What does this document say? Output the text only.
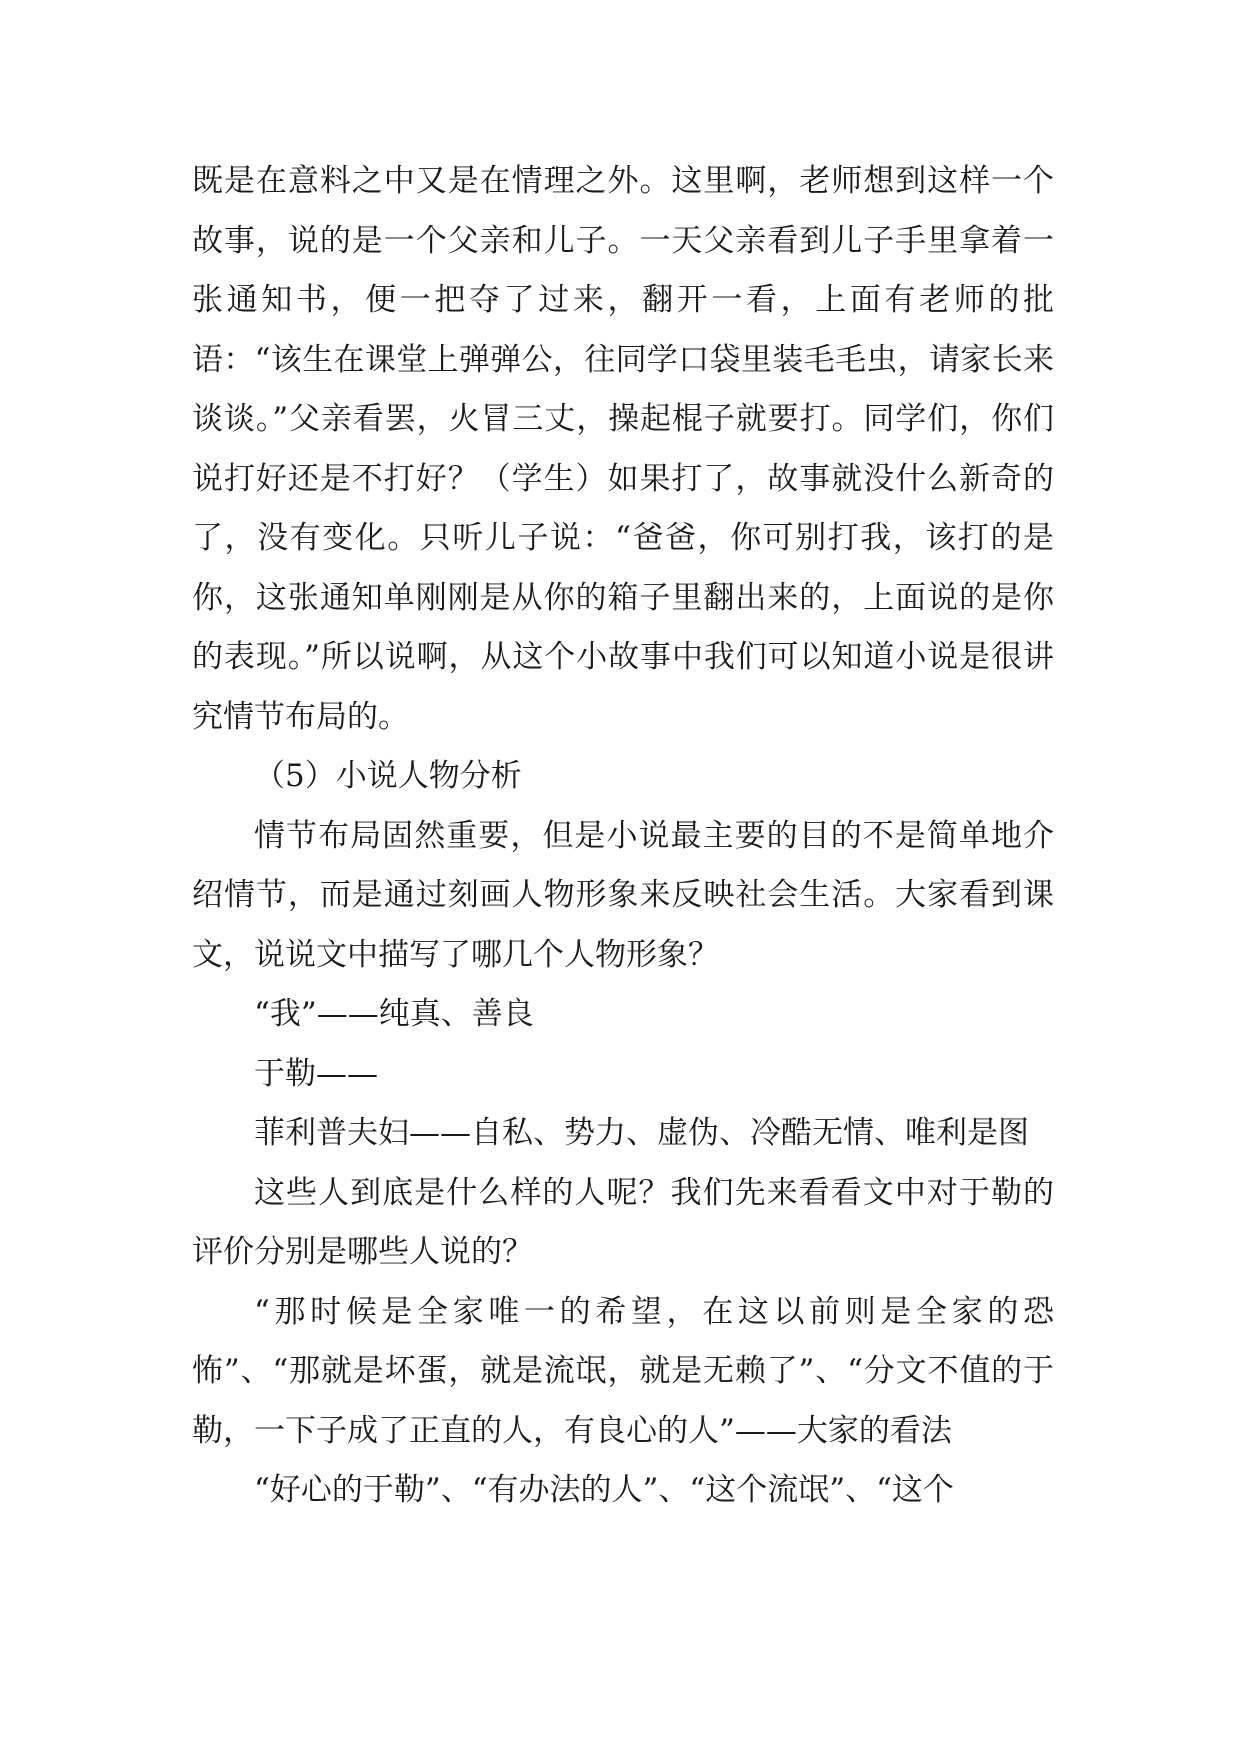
既是在意料之中又是在情理之外。这里啊，老师想到这样一个故事，说的是一个父亲和儿子。一天父亲看到儿子手里拿着一张通知书，便一把夺了过来，翻开一看，上面有老师的批语：“该生在课堂上弹弹公，往同学口袋里装毛毛虫，请家长来谈谈。”父亲看罢，火冒三丈，操起棍子就要打。同学们，你们说打好还是不打好？（学生）如果打了，故事就没什么新奇的了，没有变化。只听儿子说：“爸爸，你可别打我，该打的是你，这张通知单刚刚是从你的箱子里翻出来的，上面说的是你的表现。”所以说啊，从这个小故事中我们可以知道小说是很讲究情节布局的。

（5）小说人物分析

情节布局固然重要，但是小说最主要的目的不是简单地介绍情节，而是通过刻画人物形象来反映社会生活。大家看到课文，说说文中描写了哪几个人物形象？

“我”——纯真、善良

于勒——

菲利普夫妇——自私、势力、虚伪、冷酷无情、唯利是图

这些人到底是什么样的人呢？我们先来看看文中对于勒的评价分别是哪些人说的？

“那时候是全家唯一的希望，在这以前则是全家的恐怖”、“那就是坏蛋，就是流氓，就是无赖了”、“分文不值的于勒，一下子成了正直的人，有良心的人”——大家的看法

“好心的于勒”、“有办法的人”、“这个流氓”、“这个
